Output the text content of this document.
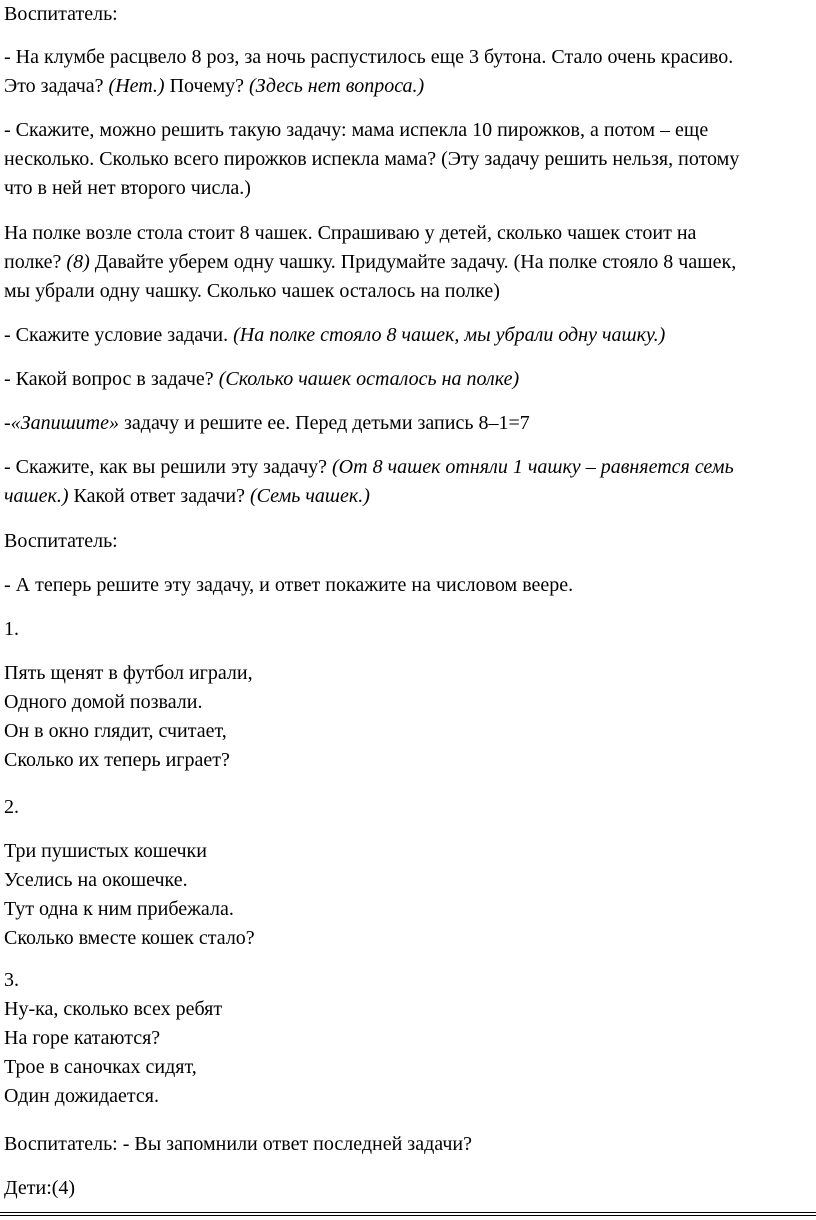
Воспитатель:

- На клумбе расцвело 8 роз, за ночь распустилось еще 3 бутона. Стало очень красиво.
Это задача? (Нет.) Почему? (Здесь нет вопроса.)

- Скажите, можно решить такую задачу: мама испекла 10 пирожков, а потом – еще
несколько. Сколько всего пирожков испекла мама? (Эту задачу решить нельзя, потому
что в ней нет второго числа.)

На полке возле стола стоит 8 чашек. Спрашиваю у детей, сколько чашек стоит на
полке? (8) Давайте уберем одну чашку. Придумайте задачу. (На полке стояло 8 чашек,
мы убрали одну чашку. Сколько чашек осталось на полке)

- Скажите условие задачи. (На полке стояло 8 чашек, мы убрали одну чашку.)

- Какой вопрос в задаче? (Сколько чашек осталось на полке)

-«Запишите» задачу и решите ее. Перед детьми запись 8–1=7

- Скажите, как вы решили эту задачу? (От 8 чашек отняли 1 чашку – равняется семь
чашек.) Какой ответ задачи? (Семь чашек.)

Воспитатель:

- А теперь решите эту задачу, и ответ покажите на числовом веере.

1.

Пять щенят в футбол играли,
Одного домой позвали.
Он в окно глядит, считает,
Сколько их теперь играет?

2.

Три пушистых кошечки
Уселись на окошечке.
Тут одна к ним прибежала.
Сколько вместе кошек стало?

3.
Ну-ка, сколько всех ребят
На горе катаются?
Трое в саночках сидят,
Один дожидается.

Воспитатель: - Вы запомнили ответ последней задачи?

Дети:(4)
